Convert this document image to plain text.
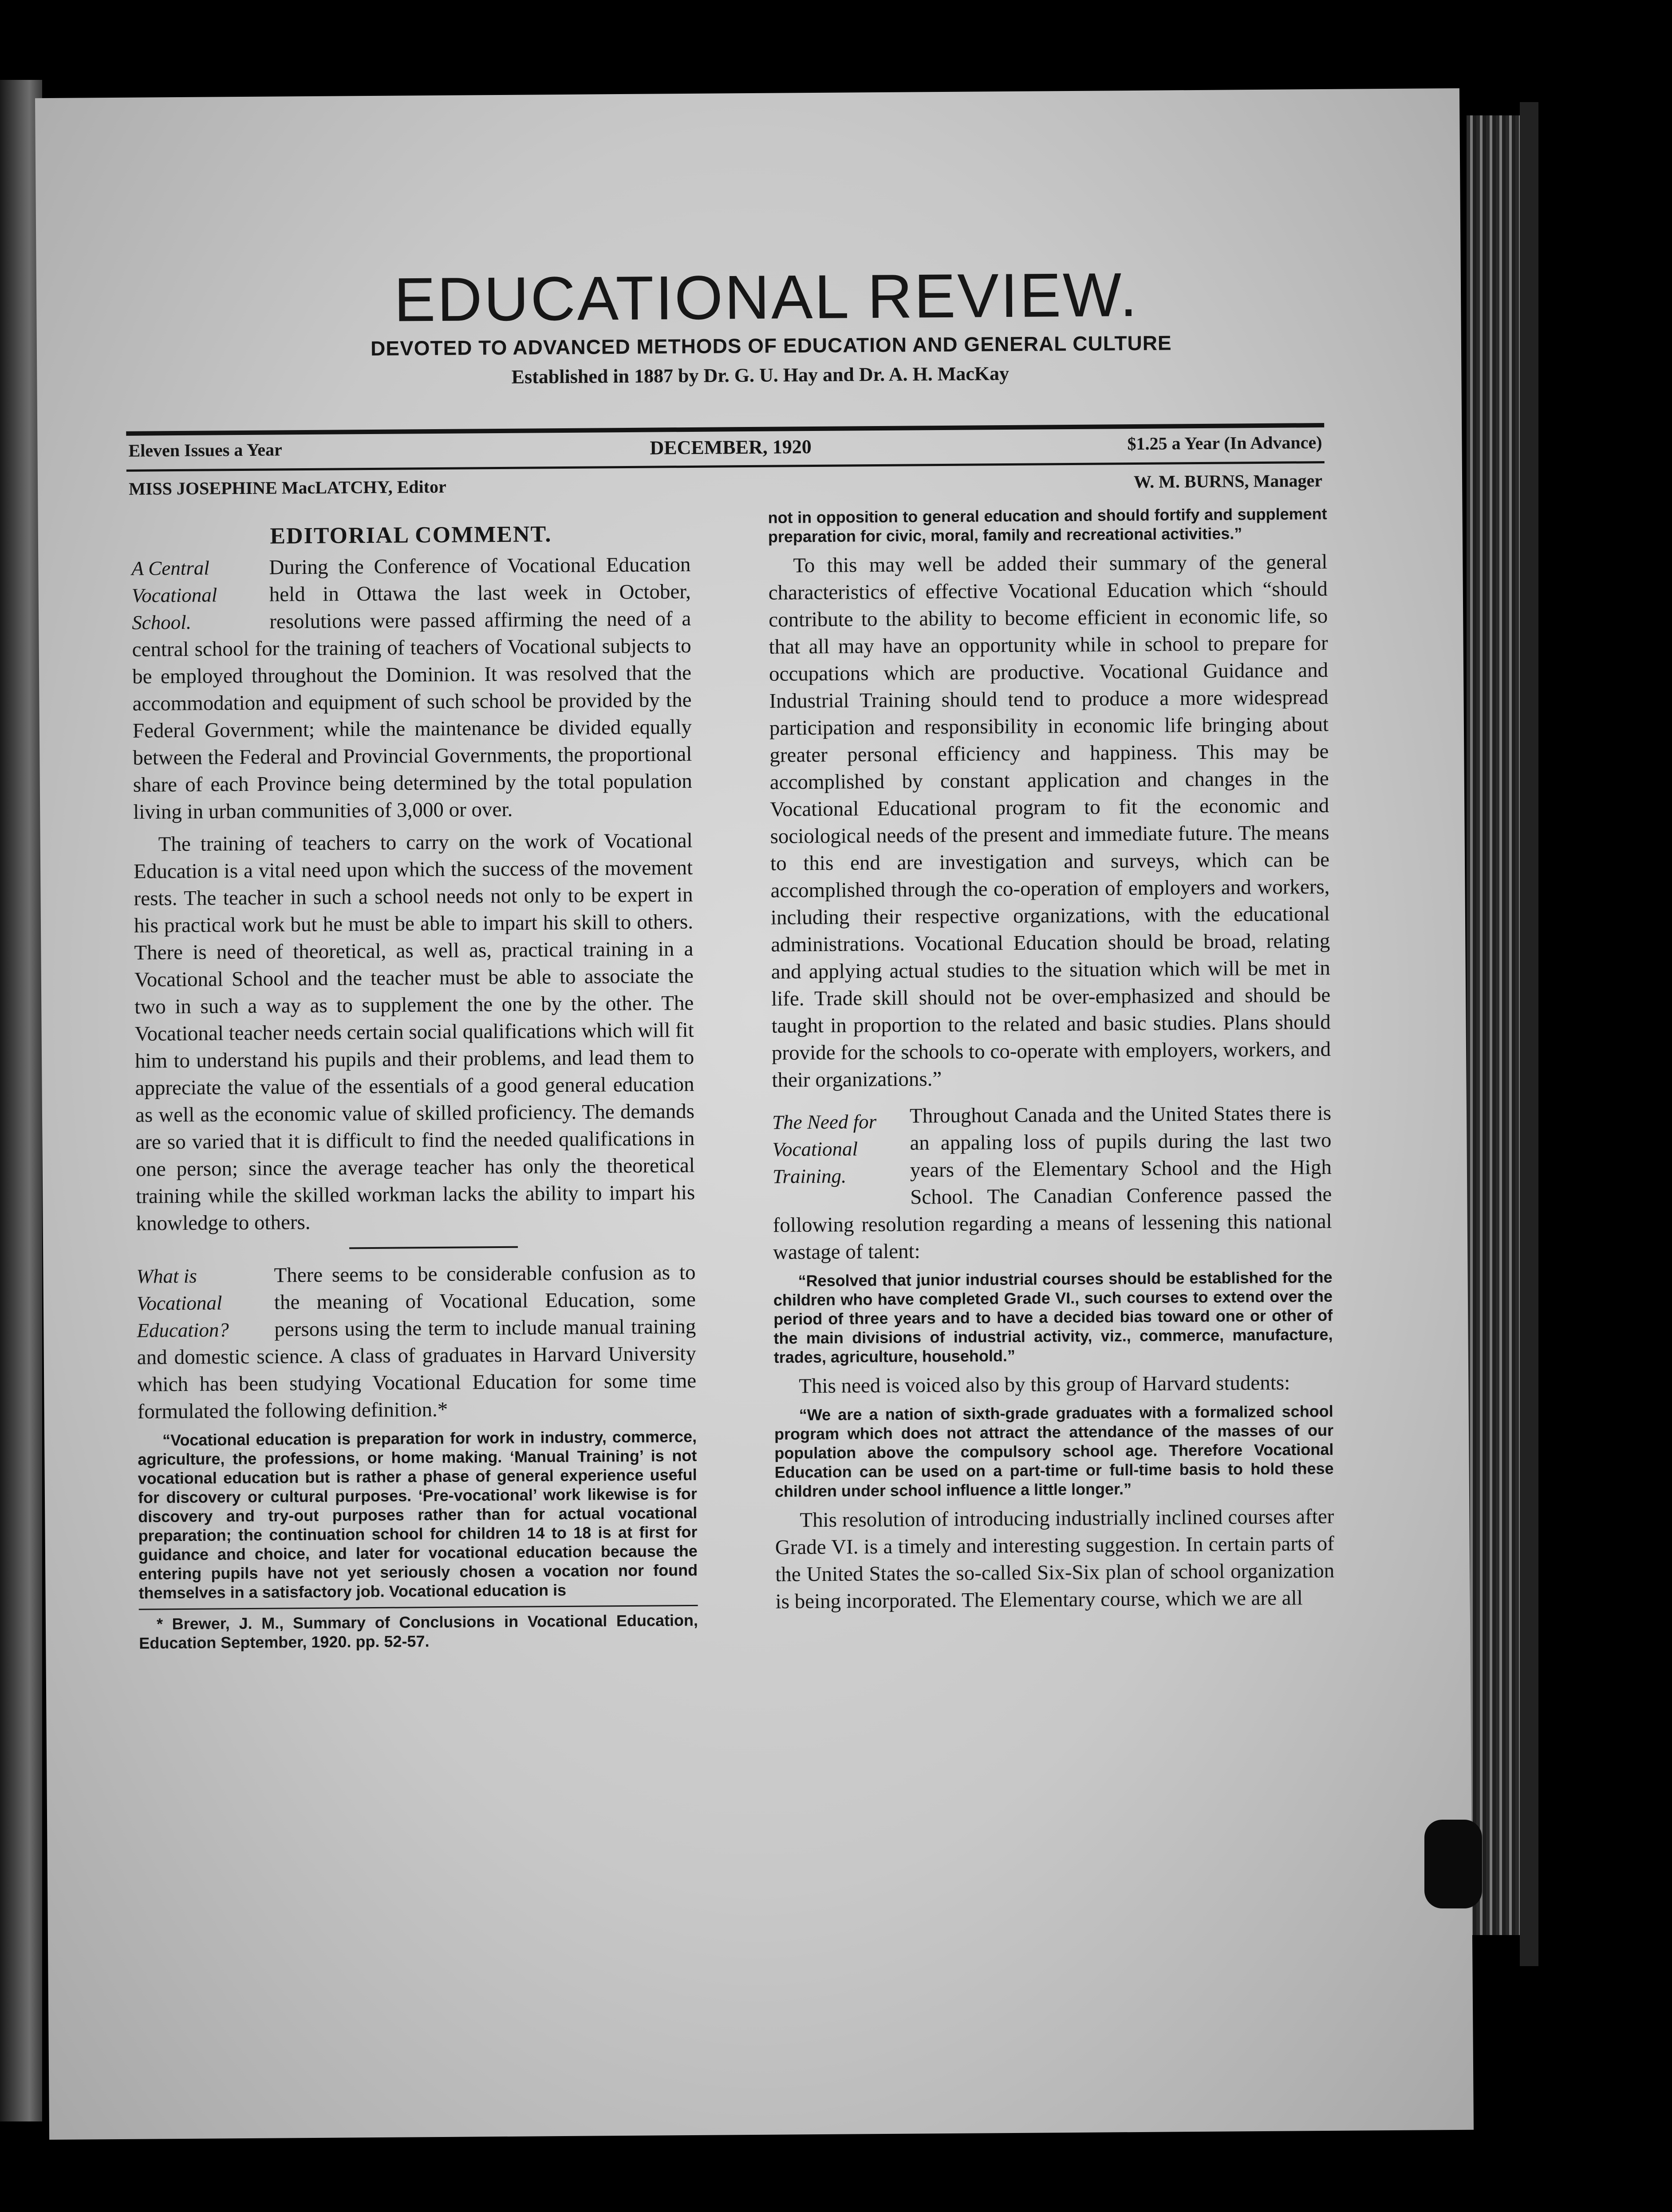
EDUCATIONAL REVIEW.
DEVOTED TO ADVANCED METHODS OF EDUCATION AND GENERAL CULTURE
Established in 1887 by Dr. G. U. Hay and Dr. A. H. MacKay
Eleven Issues a Year	DECEMBER, 1920	$1.25 a Year (In Advance)
MISS JOSEPHINE MacLATCHY, Editor	W. M. BURNS, Manager
EDITORIAL COMMENT.
A Central
Vocational
School.

During the Conference of Vocational Education held in Ottawa the last week in October, resolutions were passed affirming the need of a central school for the training of teachers of Vocational subjects to be employed throughout the Dominion. It was resolved that the accommodation and equipment of such school be provided by the Federal Government; while the maintenance be divided equally between the Federal and Provincial Governments, the proportional share of each Province being determined by the total population living in urban communities of 3,000 or over.

The training of teachers to carry on the work of Vocational Education is a vital need upon which the success of the movement rests. The teacher in such a school needs not only to be expert in his practical work but he must be able to impart his skill to others. There is need of theoretical, as well as, practical training in a Vocational School and the teacher must be able to associate the two in such a way as to supplement the one by the other. The Vocational teacher needs certain social qualifications which will fit him to understand his pupils and their problems, and lead them to appreciate the value of the essentials of a good general education as well as the economic value of skilled proficiency. The demands are so varied that it is difficult to find the needed qualifications in one person; since the average teacher has only the theoretical training while the skilled workman lacks the ability to impart his knowledge to others.

What is
Vocational
Education?

There seems to be considerable confusion as to the meaning of Vocational Education, some persons using the term to include manual training and domestic science. A class of graduates in Harvard University which has been studying Vocational Education for some time formulated the following definition.*

“Vocational education is preparation for work in industry, commerce, agriculture, the professions, or home making. ‘Manual Training’ is not vocational education but is rather a phase of general experience useful for discovery or cultural purposes. ‘Pre-vocational’ work likewise is for discovery and try-out purposes rather than for actual vocational preparation; the continuation school for children 14 to 18 is at first for guidance and choice, and later for vocational education because the entering pupils have not yet seriously chosen a vocation nor found themselves in a satisfactory job. Vocational education is
* Brewer, J. M., Summary of Conclusions in Vocational Education, Education September, 1920. pp. 52-57.
not in opposition to general education and should fortify and supplement preparation for civic, moral, family and recreational activities.”

To this may well be added their summary of the general characteristics of effective Vocational Education which “should contribute to the ability to become efficient in economic life, so that all may have an opportunity while in school to prepare for occupations which are productive. Vocational Guidance and Industrial Training should tend to produce a more widespread participation and responsibility in economic life bringing about greater personal efficiency and happiness. This may be accomplished by constant application and changes in the Vocational Educational program to fit the economic and sociological needs of the present and immediate future. The means to this end are investigation and surveys, which can be accomplished through the co-operation of employers and workers, including their respective organizations, with the educational administrations. Vocational Education should be broad, relating and applying actual studies to the situation which will be met in life. Trade skill should not be over-emphasized and should be taught in proportion to the related and basic studies. Plans should provide for the schools to co-operate with employers, workers, and their organizations.”

The Need for
Vocational
Training.

Throughout Canada and the United States there is an appaling loss of pupils during the last two years of the Elementary School and the High School. The Canadian Conference passed the following resolution regarding a means of lessening this national wastage of talent:

“Resolved that junior industrial courses should be established for the children who have completed Grade VI., such courses to extend over the period of three years and to have a decided bias toward one or other of the main divisions of industrial activity, viz., commerce, manufacture, trades, agriculture, household.”

This need is voiced also by this group of Harvard students:

“We are a nation of sixth-grade graduates with a formalized school program which does not attract the attendance of the masses of our population above the compulsory school age. Therefore Vocational Education can be used on a part-time or full-time basis to hold these children under school influence a little longer.”

This resolution of introducing industrially inclined courses after Grade VI. is a timely and interesting suggestion. In certain parts of the United States the so-called Six-Six plan of school organization is being incorporated. The Elementary course, which we are all
